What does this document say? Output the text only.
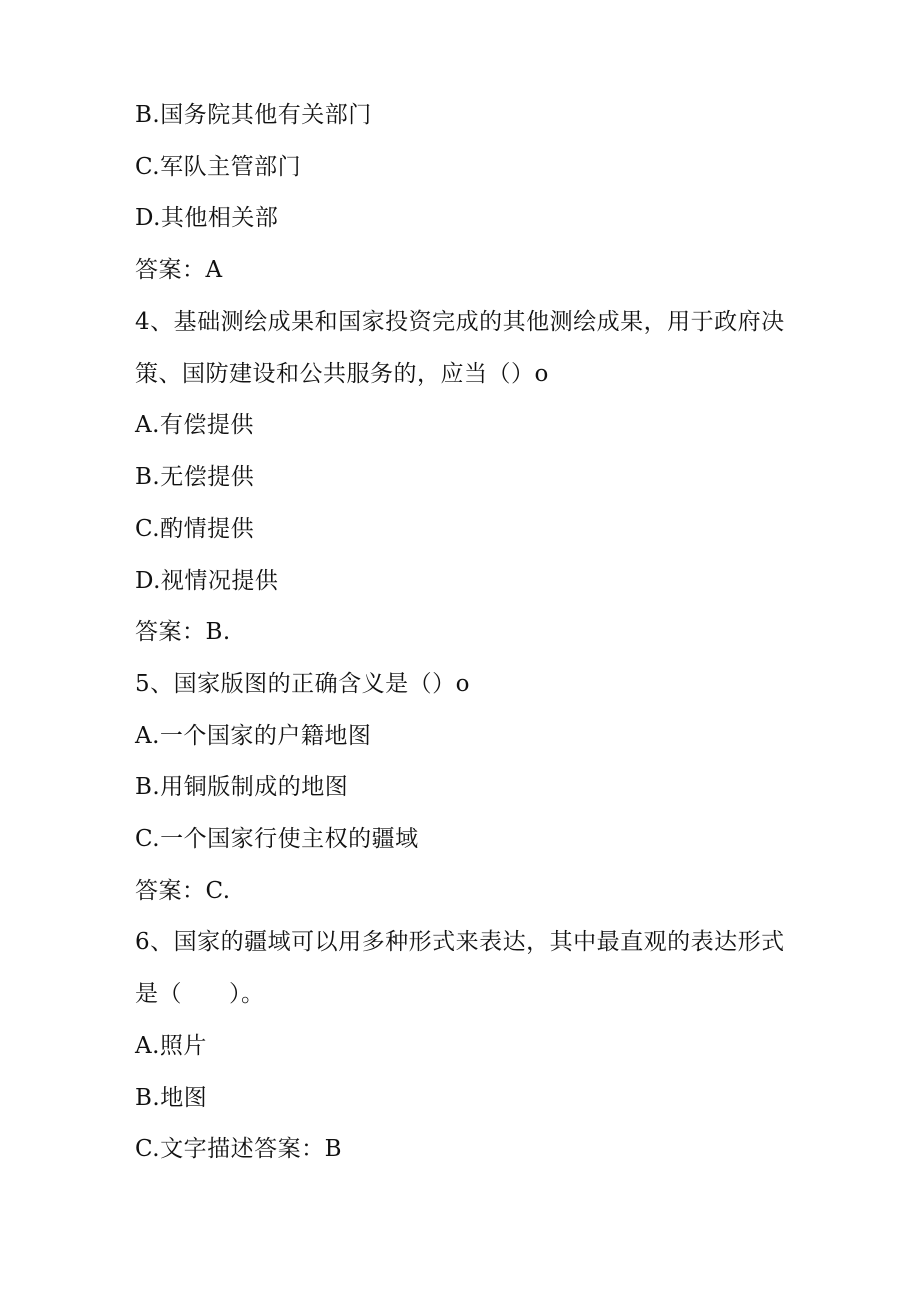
B.国务院其他有关部门
C.军队主管部门
D.其他相关部
答案：A
4、基础测绘成果和国家投资完成的其他测绘成果，用于政府决
策、国防建设和公共服务的，应当（）o
A.有偿提供
B.无偿提供
C.酌情提供
D.视情况提供
答案：B.
5、国家版图的正确含义是（）o
A.一个国家的户籍地图
B.用铜版制成的地图
C.一个国家行使主权的疆域
答案：C.
6、国家的疆域可以用多种形式来表达，其中最直观的表达形式
是（　　）。
A.照片
B.地图
C.文字描述答案：B
